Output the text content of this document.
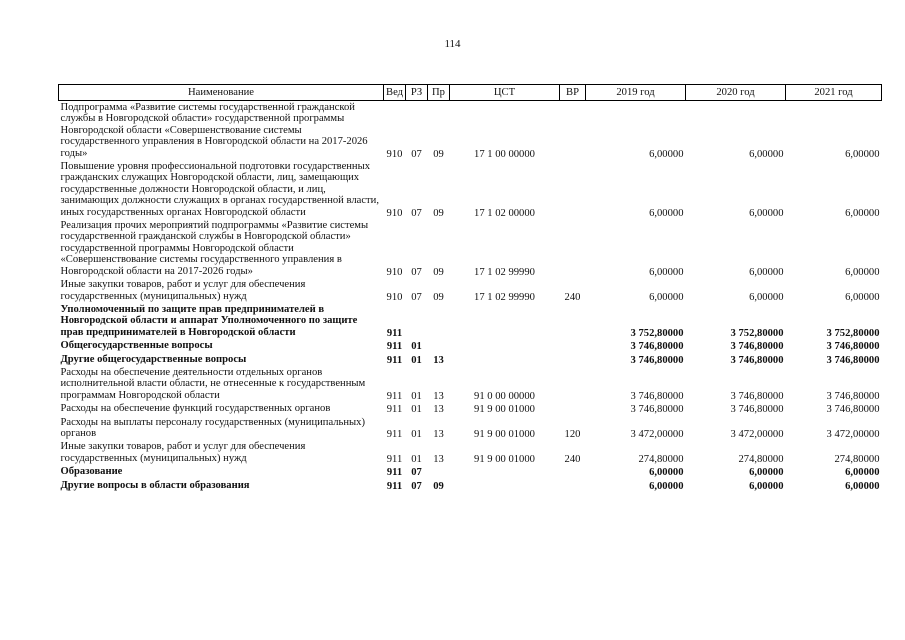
114
Наименование	Вед	РЗ	Пр	ЦСТ	ВР	2019 год	2020 год	2021 год
Подпрограмма «Развитие системы государственной гражданской службы в Новгородской области» государственной программы Новгородской области «Совершенствование системы государственного управления в Новгородской области на 2017-2026 годы»	910	07	09	17 1 00 00000		6,00000	6,00000	6,00000
Повышение уровня профессиональной подготовки государственных гражданских служащих Новгородской области, лиц, замещающих государственные должности Новгородской области, и лиц, занимающих должности служащих в органах государственной власти, иных государственных органах Новгородской области	910	07	09	17 1 02 00000		6,00000	6,00000	6,00000
Реализация прочих мероприятий подпрограммы «Развитие системы государственной гражданской службы в Новгородской области» государственной программы Новгородской области «Совершенствование системы государственного управления в Новгородской области на 2017-2026 годы»	910	07	09	17 1 02 99990		6,00000	6,00000	6,00000
Иные закупки товаров, работ и услуг для обеспечения государственных (муниципальных) нужд	910	07	09	17 1 02 99990	240	6,00000	6,00000	6,00000
Уполномоченный по защите прав предпринимателей в Новгородской области и аппарат Уполномоченного по защите прав предпринимателей в Новгородской области	911					3 752,80000	3 752,80000	3 752,80000
Общегосударственные вопросы	911	01				3 746,80000	3 746,80000	3 746,80000
Другие общегосударственные вопросы	911	01	13			3 746,80000	3 746,80000	3 746,80000
Расходы на обеспечение деятельности отдельных органов исполнительной власти области, не отнесенные к государственным программам Новгородской области	911	01	13	91 0 00 00000		3 746,80000	3 746,80000	3 746,80000
Расходы на обеспечение функций государственных органов	911	01	13	91 9 00 01000		3 746,80000	3 746,80000	3 746,80000
Расходы на выплаты персоналу государственных (муниципальных) органов	911	01	13	91 9 00 01000	120	3 472,00000	3 472,00000	3 472,00000
Иные закупки товаров, работ и услуг для обеспечения государственных (муниципальных) нужд	911	01	13	91 9 00 01000	240	274,80000	274,80000	274,80000
Образование	911	07				6,00000	6,00000	6,00000
Другие вопросы в области образования	911	07	09			6,00000	6,00000	6,00000
